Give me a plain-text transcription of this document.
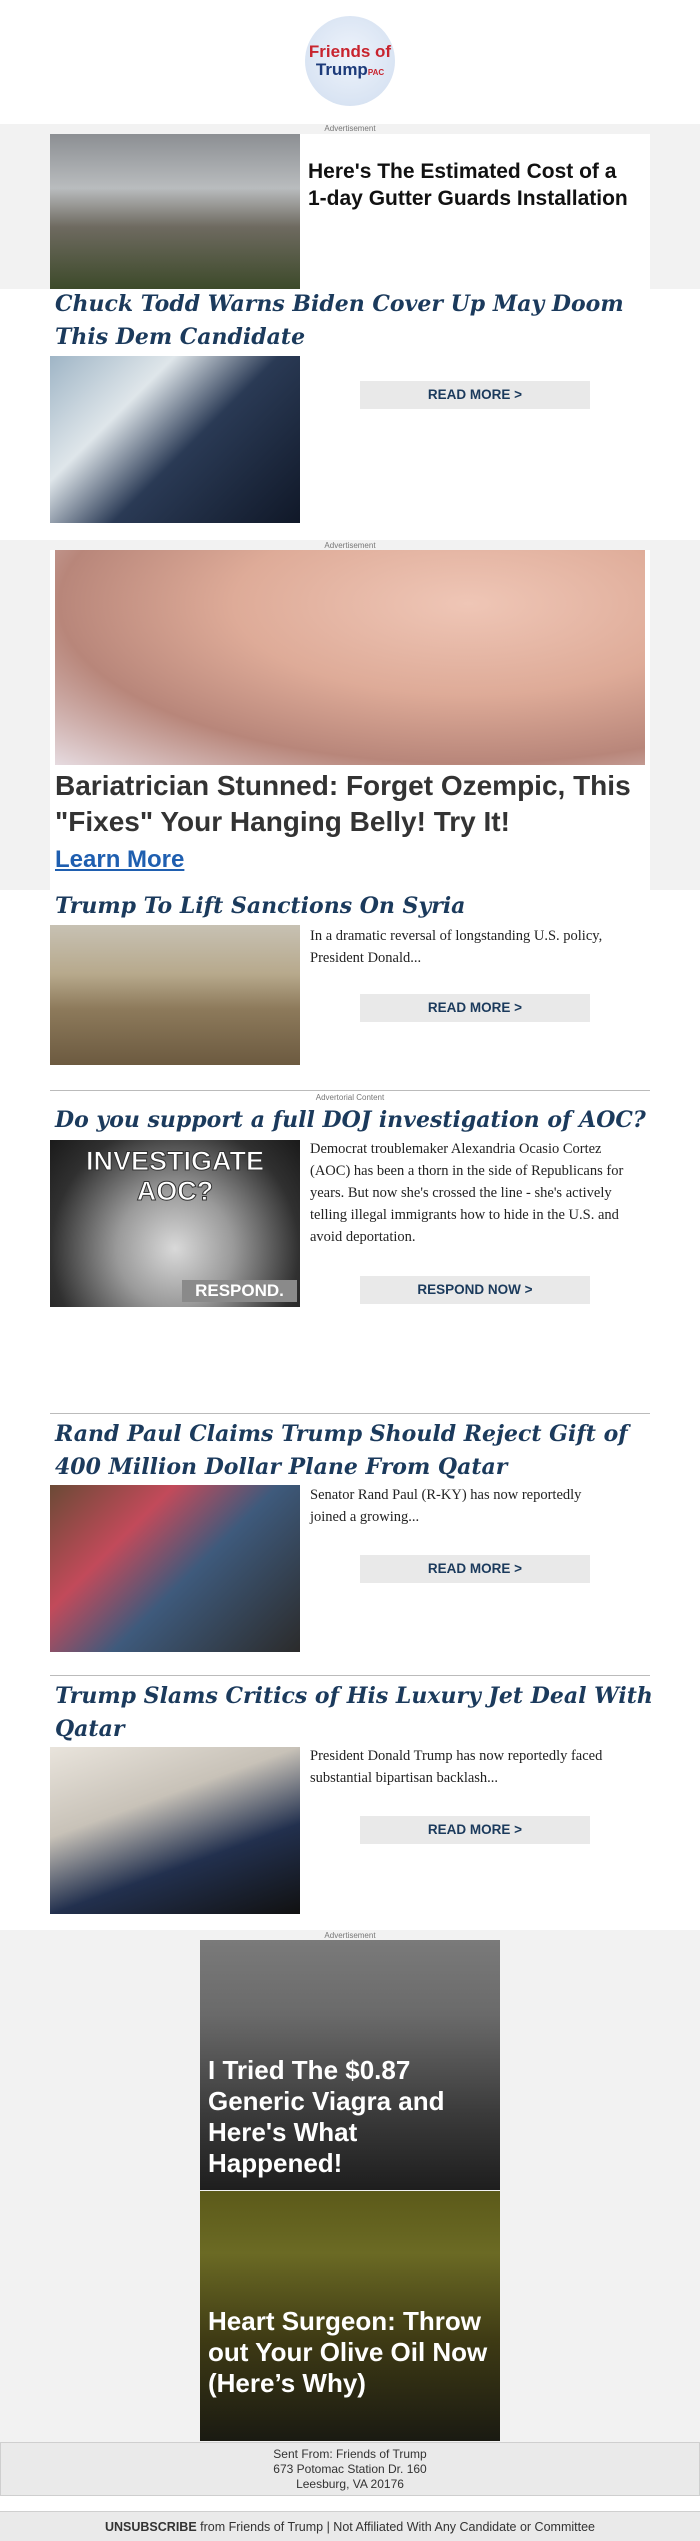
Friends of
TrumpPAC
Advertisement
Here's The Estimated Cost of a 1-day Gutter Guards Installation
Chuck Todd Warns Biden Cover Up May Doom This Dem Candidate
READ MORE >
Advertisement
Bariatrician Stunned: Forget Ozempic, This "Fixes" Your Hanging Belly! Try It!
Learn More
Trump To Lift Sanctions On Syria
In a dramatic reversal of longstanding U.S. policy, President Donald...
READ MORE >
Advertorial Content
Do you support a full DOJ investigation of AOC?
INVESTIGATE AOC?
RESPOND.
Democrat troublemaker Alexandria Ocasio Cortez (AOC) has been a thorn in the side of Republicans for years. But now she's crossed the line - she's actively telling illegal immigrants how to hide in the U.S. and avoid deportation.
RESPOND NOW >
Rand Paul Claims Trump Should Reject Gift of 400 Million Dollar Plane From Qatar
Senator Rand Paul (R-KY) has now reportedly joined a growing...
READ MORE >
Trump Slams Critics of His Luxury Jet Deal With Qatar
President Donald Trump has now reportedly faced substantial bipartisan backlash...
READ MORE >
Advertisement
I Tried The $0.87 Generic Viagra and Here's What Happened!
Heart Surgeon: Throw out Your Olive Oil Now (Here’s Why)
Sent From: Friends of Trump
673 Potomac Station Dr. 160
Leesburg, VA 20176
UNSUBSCRIBE from Friends of Trump | Not Affiliated With Any Candidate or Committee
